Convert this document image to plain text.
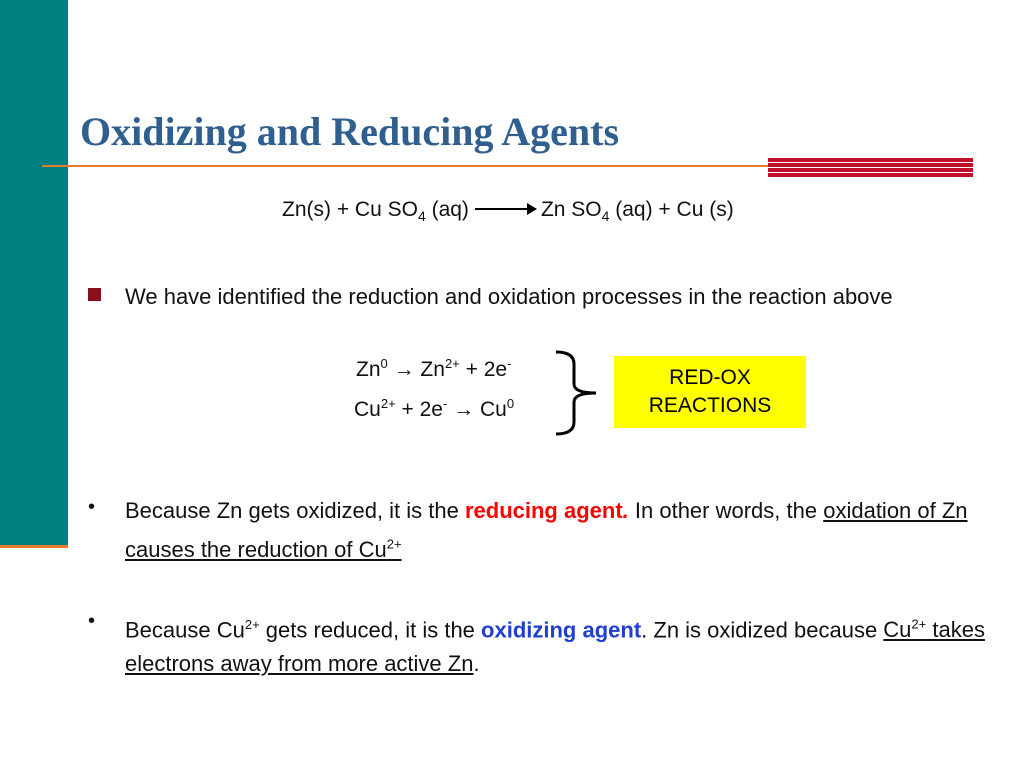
Oxidizing and Reducing Agents
Zn(s) + Cu $SO_4$ (aq) → Zn $SO_4$ (aq) + Cu (s)
We have identified the reduction and oxidation processes in the reaction above
$Zn^0 \to Zn^{2+} + 2e^-$
$Cu^{2+} + 2e^- \to Cu^0$
RED-OX
REACTIONS
• Because Zn gets oxidized, it is the reducing agent. In other words, the oxidation of Zn causes the reduction of $Cu^{2+}$
• Because $Cu^{2+}$ gets reduced, it is the oxidizing agent. Zn is oxidized because $Cu^{2+}$ takes electrons away from more active Zn.
